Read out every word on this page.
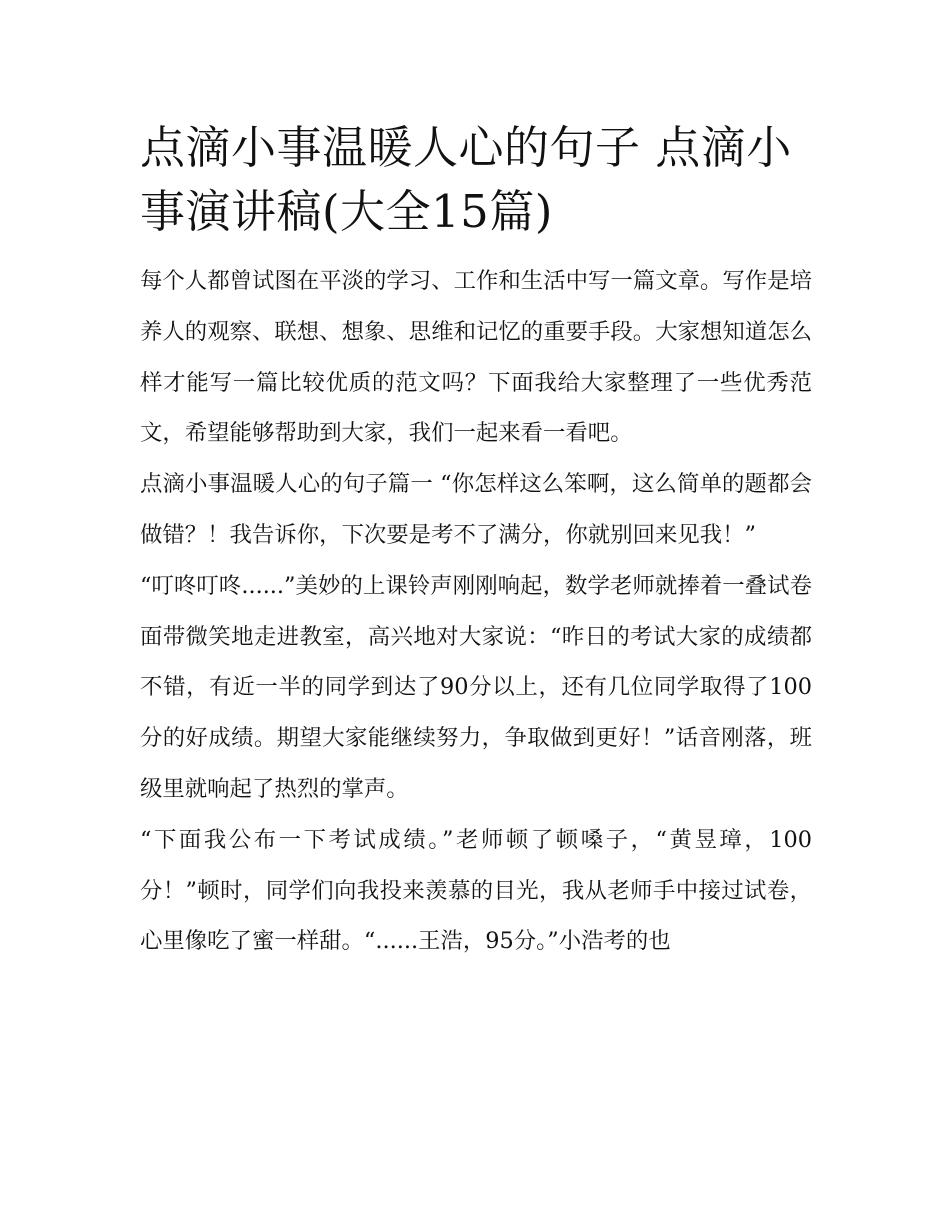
点滴小事温暖人心的句子 点滴小事演讲稿(大全15篇)

每个人都曾试图在平淡的学习、工作和生活中写一篇文章。写作是培养人的观察、联想、想象、思维和记忆的重要手段。大家想知道怎么样才能写一篇比较优质的范文吗？下面我给大家整理了一些优秀范文，希望能够帮助到大家，我们一起来看一看吧。

点滴小事温暖人心的句子篇一 “你怎样这么笨啊，这么简单的题都会做错？！我告诉你，下次要是考不了满分，你就别回来见我！”

“叮咚叮咚......”美妙的上课铃声刚刚响起，数学老师就捧着一叠试卷面带微笑地走进教室，高兴地对大家说：“昨日的考试大家的成绩都不错，有近一半的同学到达了90分以上，还有几位同学取得了100分的好成绩。期望大家能继续努力，争取做到更好！”话音刚落，班级里就响起了热烈的掌声。

“下面我公布一下考试成绩。”老师顿了顿嗓子，“黄昱璋，100分！”顿时，同学们向我投来羡慕的目光，我从老师手中接过试卷，心里像吃了蜜一样甜。“......王浩，95分。”小浩考的也
